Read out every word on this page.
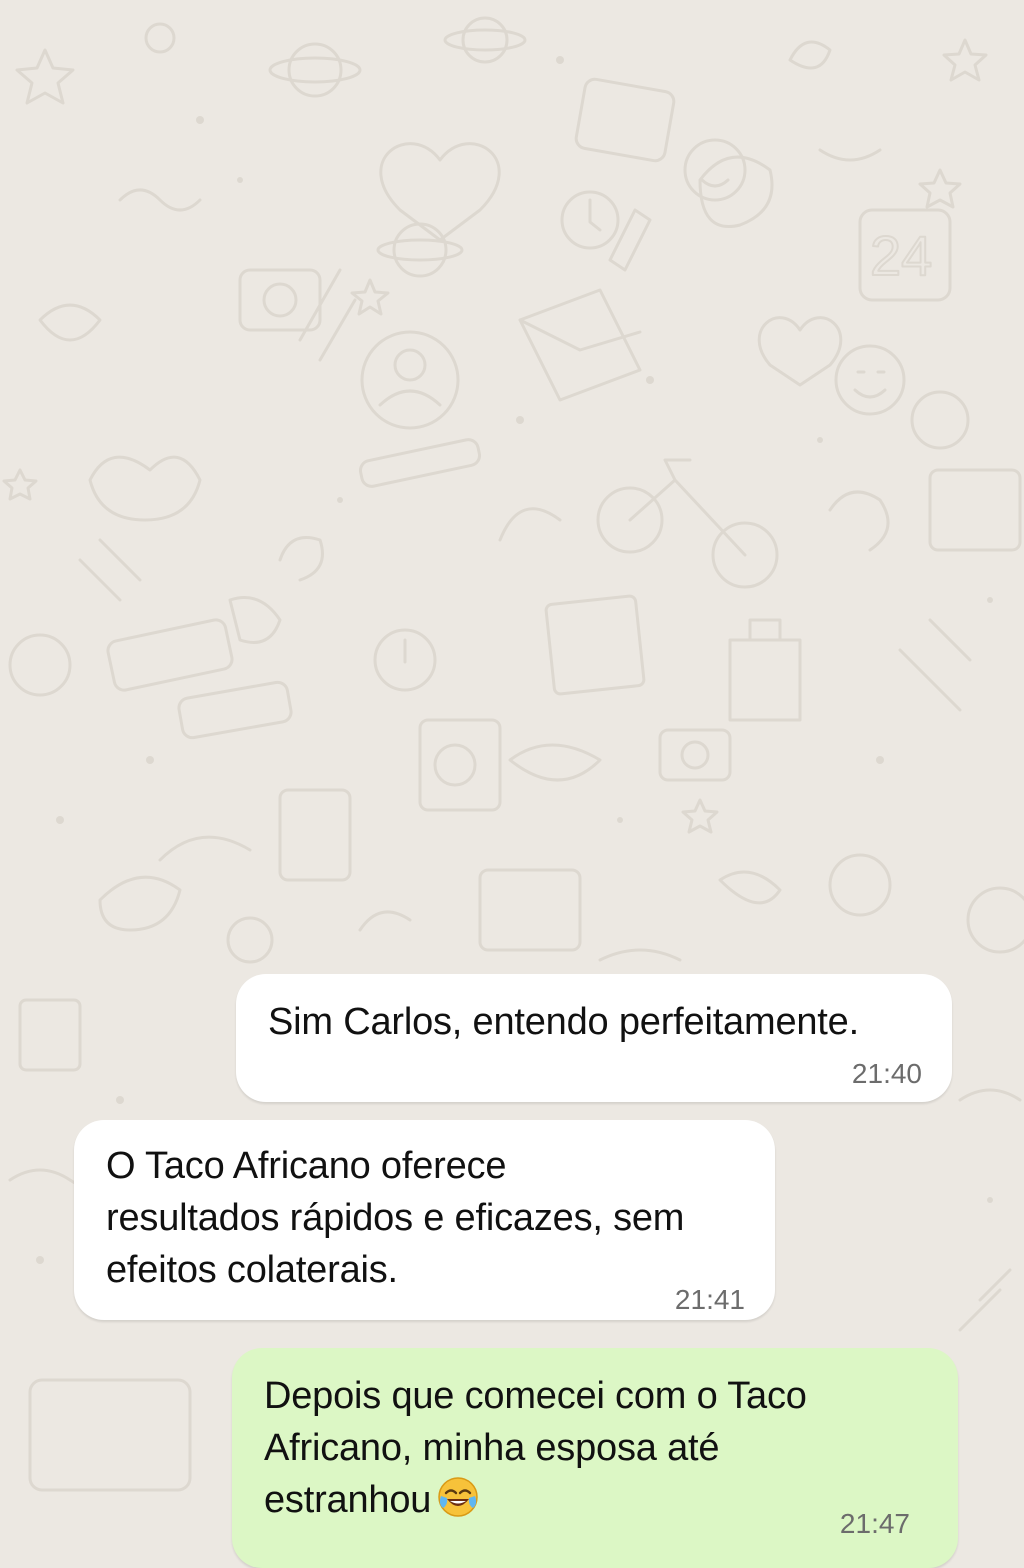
24
Sim Carlos, entendo perfeitamente.
21:40
O Taco Africano oferece
resultados rápidos e eficazes, sem
efeitos colaterais.
21:41
Depois que comecei com o Taco
Africano, minha esposa até
estranhou
21:47
